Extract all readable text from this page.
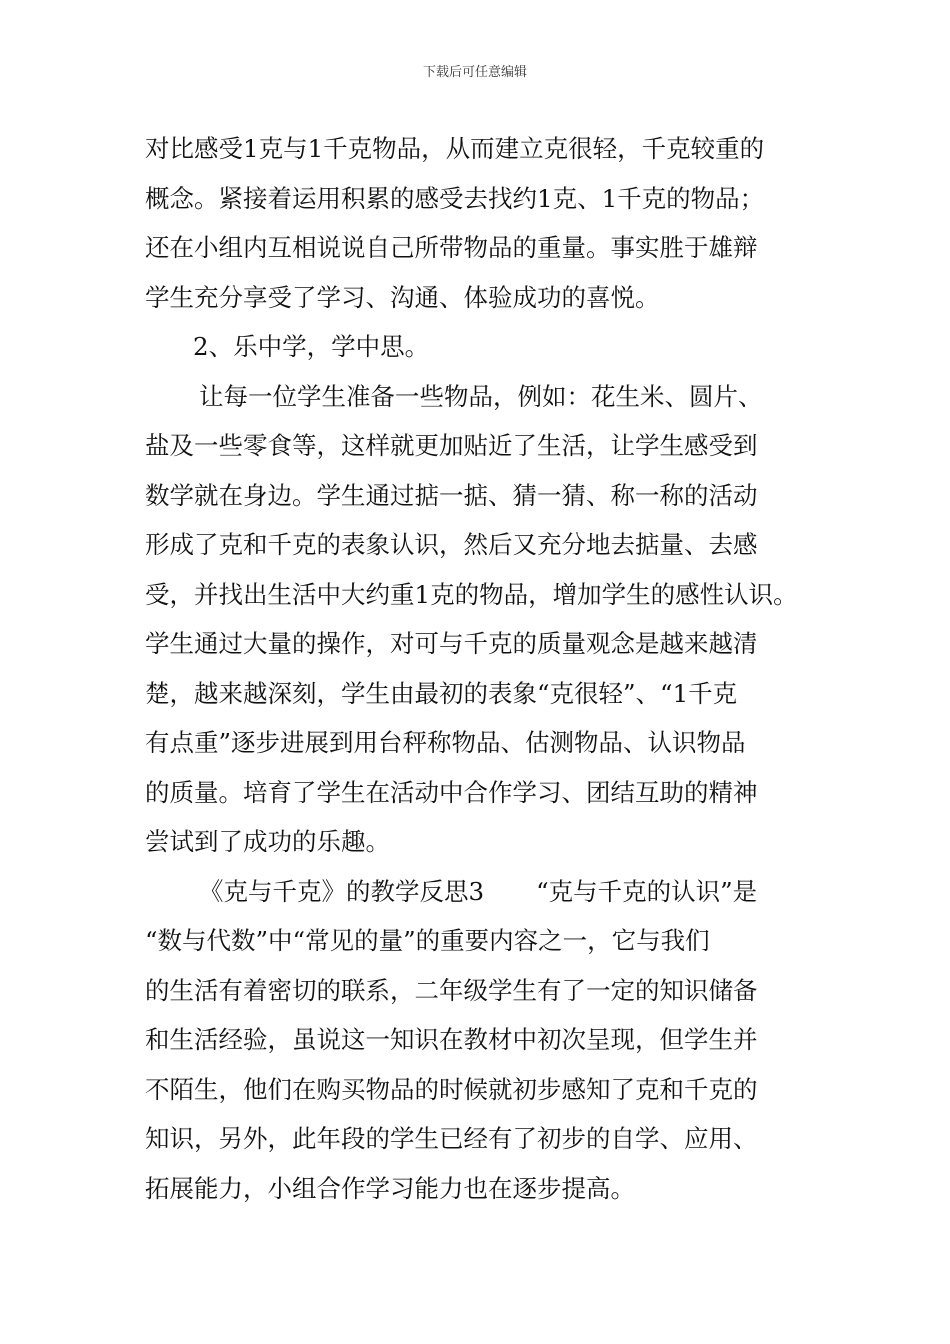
下载后可任意编辑
对比感受1克与1千克物品，从而建立克很轻，千克较重的
概念。紧接着运用积累的感受去找约1克、1千克的物品；
还在小组内互相说说自己所带物品的重量。事实胜于雄辩
学生充分享受了学习、沟通、体验成功的喜悦。
2、乐中学，学中思。
让每一位学生准备一些物品，例如：花生米、圆片、
盐及一些零食等，这样就更加贴近了生活，让学生感受到
数学就在身边。学生通过掂一掂、猜一猜、称一称的活动
形成了克和千克的表象认识，然后又充分地去掂量、去感
受，并找出生活中大约重1克的物品，增加学生的感性认识。
学生通过大量的操作，对可与千克的质量观念是越来越清
楚，越来越深刻，学生由最初的表象“克很轻”、“1千克
有点重”逐步进展到用台秤称物品、估测物品、认识物品
的质量。培育了学生在活动中合作学习、团结互助的精神
尝试到了成功的乐趣。
《克与千克》的教学反思3 “克与千克的认识”是
“数与代数”中“常见的量”的重要内容之一，它与我们
的生活有着密切的联系，二年级学生有了一定的知识储备
和生活经验，虽说这一知识在教材中初次呈现，但学生并
不陌生，他们在购买物品的时候就初步感知了克和千克的
知识，另外，此年段的学生已经有了初步的自学、应用、
拓展能力，小组合作学习能力也在逐步提高。
